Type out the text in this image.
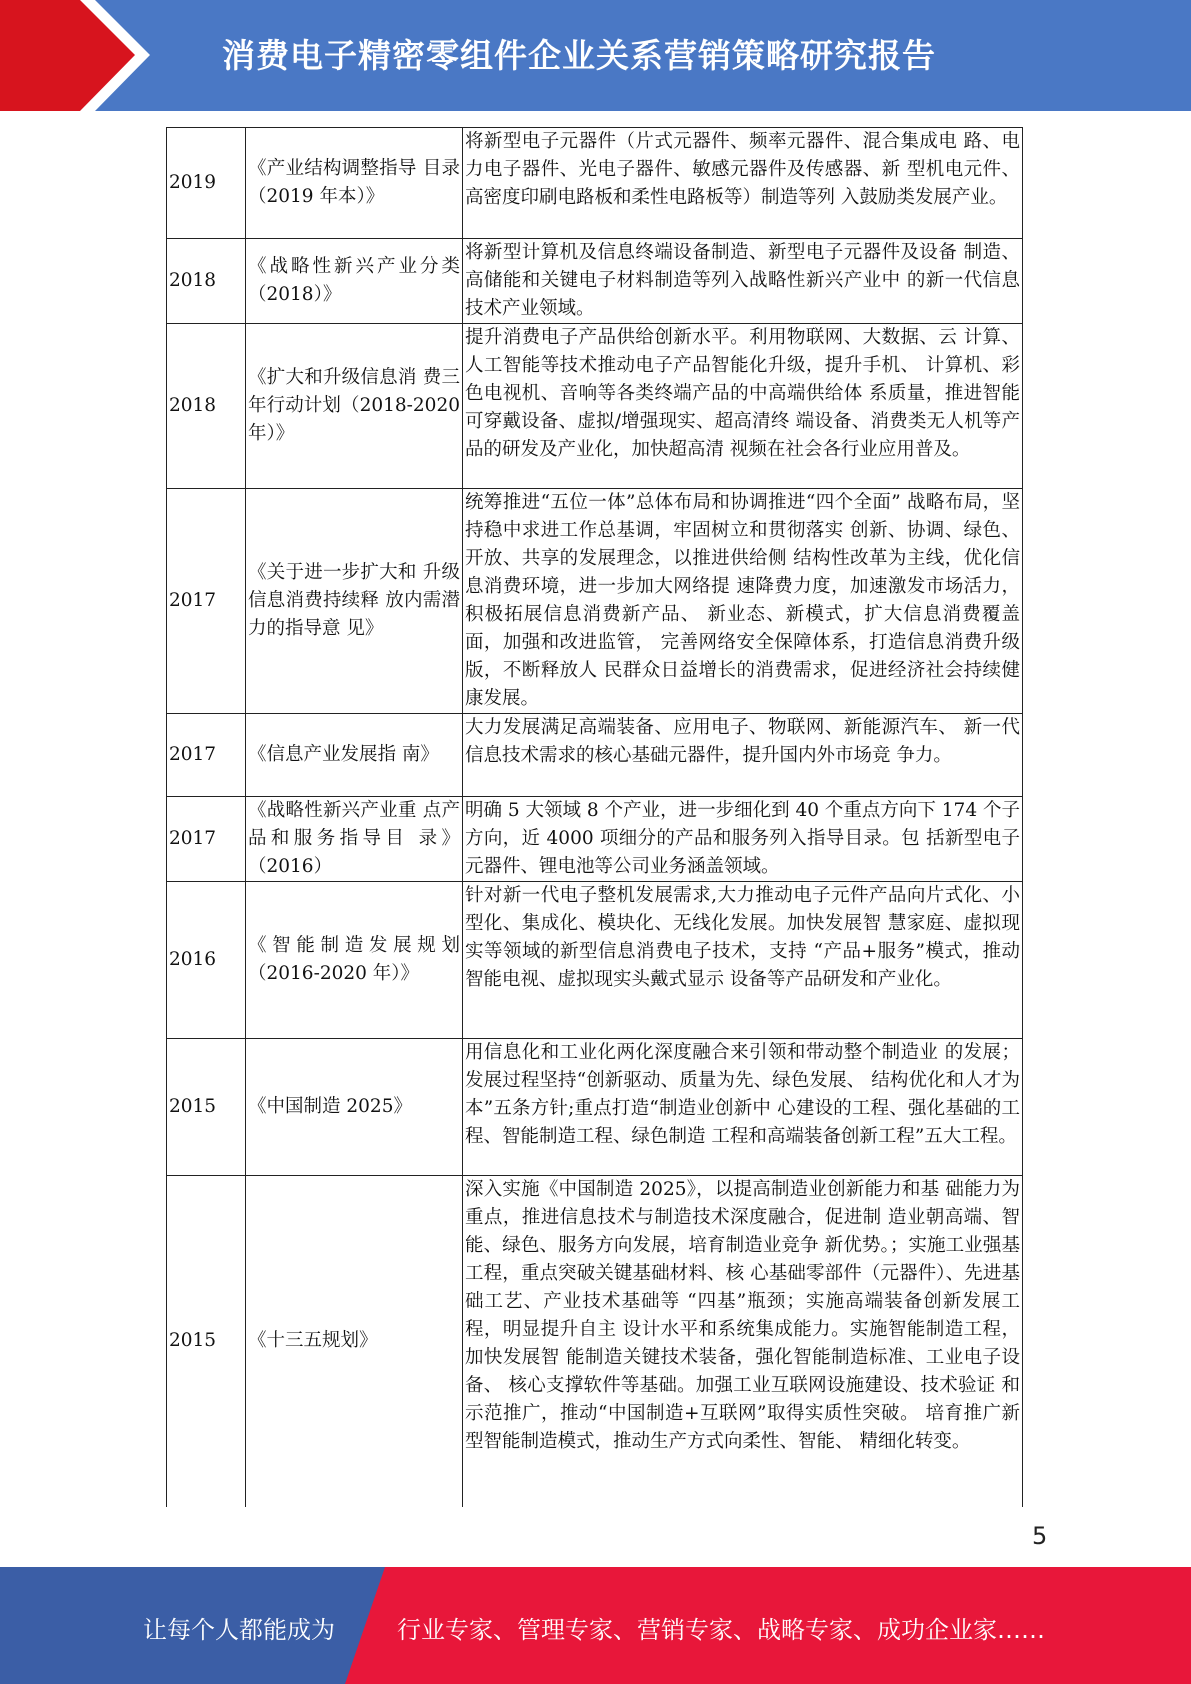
消费电子精密零组件企业关系营销策略研究报告
2019	《产业结构调整指导 目录（2019 年本）》	将新型电子元器件（片式元器件、频率元器件、混合集成电 路、电力电子器件、光电子器件、敏感元器件及传感器、新 型机电元件、高密度印刷电路板和柔性电路板等）制造等列 入鼓励类发展产业。
2018	《战略性新兴产业分类（2018）》	将新型计算机及信息终端设备制造、新型电子元器件及设备 制造、高储能和关键电子材料制造等列入战略性新兴产业中 的新一代信息技术产业领域。
2018	《扩大和升级信息消 费三年行动计划（2018-2020 年）》	提升消费电子产品供给创新水平。利用物联网、大数据、云 计算、人工智能等技术推动电子产品智能化升级，提升手机、 计算机、彩色电视机、音响等各类终端产品的中高端供给体 系质量，推进智能可穿戴设备、虚拟/增强现实、超高清终 端设备、消费类无人机等产品的研发及产业化，加快超高清 视频在社会各行业应用普及。
2017	《关于进一步扩大和 升级信息消费持续释 放内需潜力的指导意 见》	统筹推进“五位一体”总体布局和协调推进“四个全面” 战略布局，坚持稳中求进工作总基调，牢固树立和贯彻落实 创新、协调、绿色、开放、共享的发展理念，以推进供给侧 结构性改革为主线，优化信息消费环境，进一步加大网络提 速降费力度，加速激发市场活力，积极拓展信息消费新产品、 新业态、新模式，扩大信息消费覆盖面，加强和改进监管， 完善网络安全保障体系，打造信息消费升级版，不断释放人 民群众日益增长的消费需求，促进经济社会持续健康发展。
2017	《信息产业发展指 南》	大力发展满足高端装备、应用电子、物联网、新能源汽车、 新一代信息技术需求的核心基础元器件，提升国内外市场竞 争力。
2017	《战略性新兴产业重 点产品和服务指导目 录》（2016）	明确 5 大领域 8 个产业，进一步细化到 40 个重点方向下 174 个子方向，近 4000 项细分的产品和服务列入指导目录。包 括新型电子元器件、锂电池等公司业务涵盖领域。
2016	《智能制造发展规划（2016-2020 年）》	针对新一代电子整机发展需求,大力推动电子元件产品向片式化、小型化、集成化、模块化、无线化发展。加快发展智 慧家庭、虚拟现实等领域的新型信息消费电子技术，支持 “产品+服务”模式，推动智能电视、虚拟现实头戴式显示 设备等产品研发和产业化。
2015	《中国制造 2025》	用信息化和工业化两化深度融合来引领和带动整个制造业 的发展；发展过程坚持“创新驱动、质量为先、绿色发展、 结构优化和人才为本”五条方针;重点打造“制造业创新中 心建设的工程、强化基础的工程、智能制造工程、绿色制造 工程和高端装备创新工程”五大工程。
2015	《十三五规划》	深入实施《中国制造 2025》，以提高制造业创新能力和基 础能力为重点，推进信息技术与制造技术深度融合，促进制 造业朝高端、智能、绿色、服务方向发展，培育制造业竞争 新优势。；实施工业强基工程，重点突破关键基础材料、核 心基础零部件（元器件）、先进基础工艺、产业技术基础等 “四基”瓶颈；实施高端装备创新发展工程，明显提升自主 设计水平和系统集成能力。实施智能制造工程，加快发展智 能制造关键技术装备，强化智能制造标准、工业电子设备、 核心支撑软件等基础。加强工业互联网设施建设、技术验证 和示范推广，推动“中国制造+互联网”取得实质性突破。 培育推广新型智能制造模式，推动生产方式向柔性、智能、 精细化转变。
5
让每个人都能成为	行业专家、管理专家、营销专家、战略专家、成功企业家……
